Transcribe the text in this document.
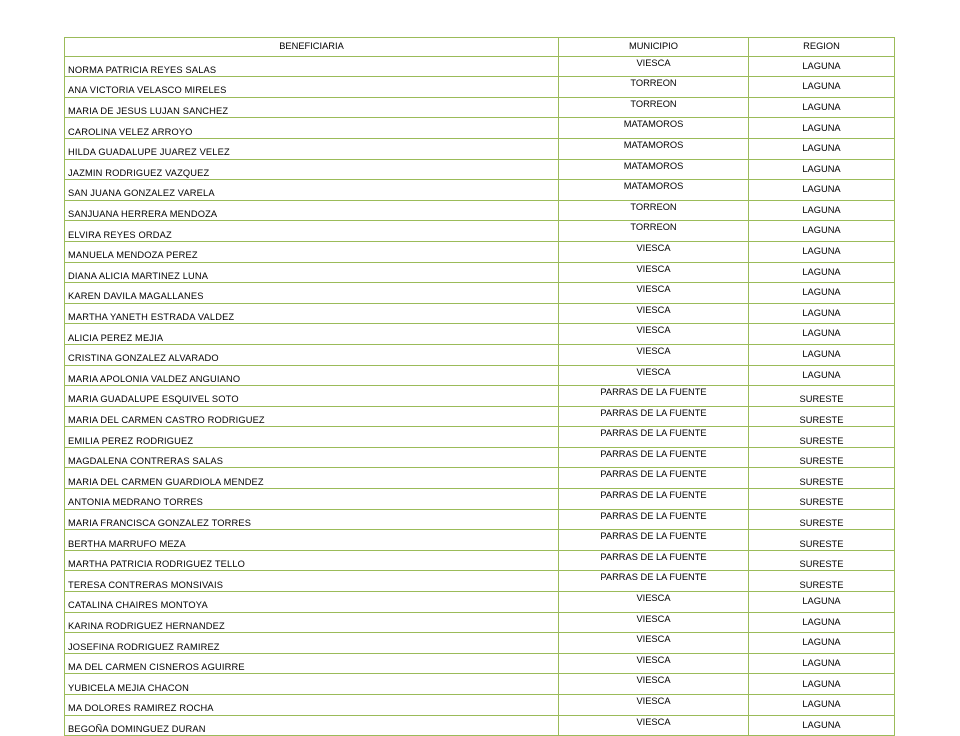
BENEFICIARIA	MUNICIPIO	REGION
NORMA PATRICIA REYES SALAS	VIESCA	LAGUNA
ANA VICTORIA VELASCO MIRELES	TORREON	LAGUNA
MARIA DE JESUS LUJAN SANCHEZ	TORREON	LAGUNA
CAROLINA VELEZ ARROYO	MATAMOROS	LAGUNA
HILDA GUADALUPE JUAREZ VELEZ	MATAMOROS	LAGUNA
JAZMIN RODRIGUEZ VAZQUEZ	MATAMOROS	LAGUNA
SAN JUANA GONZALEZ VARELA	MATAMOROS	LAGUNA
SANJUANA HERRERA MENDOZA	TORREON	LAGUNA
ELVIRA REYES ORDAZ	TORREON	LAGUNA
MANUELA MENDOZA PEREZ	VIESCA	LAGUNA
DIANA ALICIA MARTINEZ LUNA	VIESCA	LAGUNA
KAREN DAVILA MAGALLANES	VIESCA	LAGUNA
MARTHA YANETH ESTRADA VALDEZ	VIESCA	LAGUNA
ALICIA PEREZ MEJIA	VIESCA	LAGUNA
CRISTINA GONZALEZ ALVARADO	VIESCA	LAGUNA
MARIA APOLONIA VALDEZ ANGUIANO	VIESCA	LAGUNA
MARIA GUADALUPE ESQUIVEL SOTO	PARRAS DE LA FUENTE	SURESTE
MARIA DEL CARMEN CASTRO RODRIGUEZ	PARRAS DE LA FUENTE	SURESTE
EMILIA PEREZ RODRIGUEZ	PARRAS DE LA FUENTE	SURESTE
MAGDALENA CONTRERAS SALAS	PARRAS DE LA FUENTE	SURESTE
MARIA DEL CARMEN GUARDIOLA MENDEZ	PARRAS DE LA FUENTE	SURESTE
ANTONIA MEDRANO TORRES	PARRAS DE LA FUENTE	SURESTE
MARIA FRANCISCA GONZALEZ TORRES	PARRAS DE LA FUENTE	SURESTE
BERTHA MARRUFO MEZA	PARRAS DE LA FUENTE	SURESTE
MARTHA PATRICIA RODRIGUEZ TELLO	PARRAS DE LA FUENTE	SURESTE
TERESA CONTRERAS MONSIVAIS	PARRAS DE LA FUENTE	SURESTE
CATALINA CHAIRES MONTOYA	VIESCA	LAGUNA
KARINA RODRIGUEZ HERNANDEZ	VIESCA	LAGUNA
JOSEFINA RODRIGUEZ RAMIREZ	VIESCA	LAGUNA
MA DEL CARMEN CISNEROS AGUIRRE	VIESCA	LAGUNA
YUBICELA MEJIA CHACON	VIESCA	LAGUNA
MA DOLORES RAMIREZ ROCHA	VIESCA	LAGUNA
BEGOÑA DOMINGUEZ DURAN	VIESCA	LAGUNA
